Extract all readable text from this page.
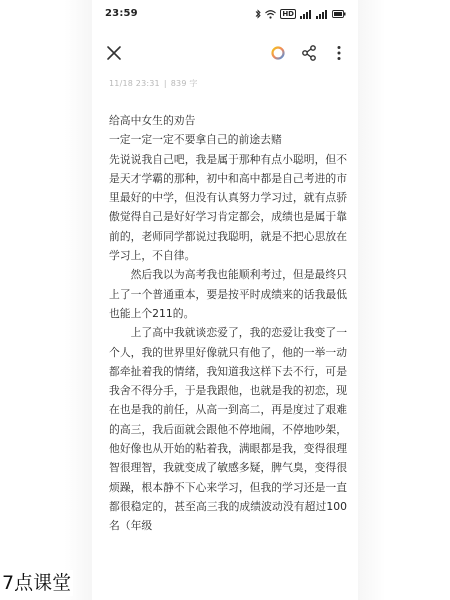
23:59	HD
11/18 23:31 | 839 字

给高中女生的劝告

一定一定一定不要拿自己的前途去赌

先说说我自己吧，我是属于那种有点小聪明，但不是天才学霸的那种，初中和高中都是自己考进的市里最好的中学，但没有认真努力学习过，就有点骄傲觉得自己是好好学习肯定都会，成绩也是属于靠前的，老师同学都说过我聪明，就是不把心思放在学习上，不自律。

然后我以为高考我也能顺利考过，但是最终只上了一个普通重本，要是按平时成绩来的话我最低也能上个211的。

上了高中我就谈恋爱了，我的恋爱让我变了一个人，我的世界里好像就只有他了，他的一举一动都牵扯着我的情绪，我知道我这样下去不行，可是我舍不得分手，于是我跟他，也就是我的初恋，现在也是我的前任，从高一到高二，再是度过了艰难的高三，我后面就会跟他不停地闹，不停地吵架，他好像也从开始的粘着我，满眼都是我，变得很理智很理智，我就变成了敏感多疑，脾气臭，变得很烦躁，根本静不下心来学习，但我的学习还是一直都很稳定的，甚至高三我的成绩波动没有超过100名（年级

7点课堂
